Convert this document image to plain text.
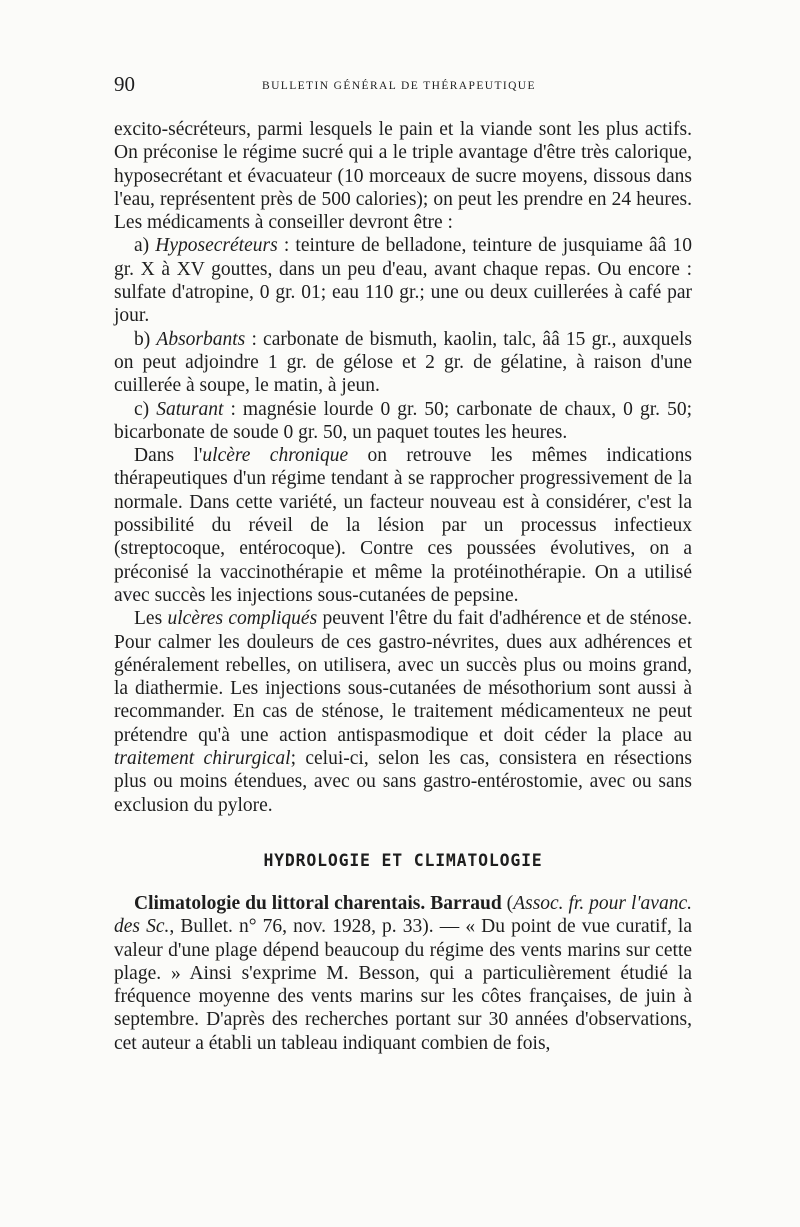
90	BULLETIN GÉNÉRAL DE THÉRAPEUTIQUE

excito-sécréteurs, parmi lesquels le pain et la viande sont les plus actifs. On préconise le régime sucré qui a le triple avantage d'être très calorique, hyposecrétant et évacuateur (10 morceaux de sucre moyens, dissous dans l'eau, représentent près de 500 calories); on peut les prendre en 24 heures. Les médicaments à conseiller devront être :

a) Hyposecréteurs : teinture de belladone, teinture de jusquiame ââ 10 gr. X à XV gouttes, dans un peu d'eau, avant chaque repas. Ou encore : sulfate d'atropine, 0 gr. 01; eau 110 gr.; une ou deux cuillerées à café par jour.

b) Absorbants : carbonate de bismuth, kaolin, talc, ââ 15 gr., auxquels on peut adjoindre 1 gr. de gélose et 2 gr. de gélatine, à raison d'une cuillerée à soupe, le matin, à jeun.

c) Saturant : magnésie lourde 0 gr. 50; carbonate de chaux, 0 gr. 50; bicarbonate de soude 0 gr. 50, un paquet toutes les heures.

Dans l'ulcère chronique on retrouve les mêmes indications thérapeutiques d'un régime tendant à se rapprocher progressivement de la normale. Dans cette variété, un facteur nouveau est à considérer, c'est la possibilité du réveil de la lésion par un processus infectieux (streptocoque, entérocoque). Contre ces poussées évolutives, on a préconisé la vaccinothérapie et même la protéinothérapie. On a utilisé avec succès les injections sous-cutanées de pepsine.

Les ulcères compliqués peuvent l'être du fait d'adhérence et de sténose. Pour calmer les douleurs de ces gastro-névrites, dues aux adhérences et généralement rebelles, on utilisera, avec un succès plus ou moins grand, la diathermie. Les injections sous-cutanées de mésothorium sont aussi à recommander. En cas de sténose, le traitement médicamenteux ne peut prétendre qu'à une action antispasmodique et doit céder la place au traitement chirurgical; celui-ci, selon les cas, consistera en résections plus ou moins étendues, avec ou sans gastro-entérostomie, avec ou sans exclusion du pylore.

HYDROLOGIE ET CLIMATOLOGIE

Climatologie du littoral charentais. Barraud (Assoc. fr. pour l'avanc. des Sc., Bullet. n° 76, nov. 1928, p. 33). — « Du point de vue curatif, la valeur d'une plage dépend beaucoup du régime des vents marins sur cette plage. » Ainsi s'exprime M. Besson, qui a particulièrement étudié la fréquence moyenne des vents marins sur les côtes françaises, de juin à septembre. D'après des recherches portant sur 30 années d'observations, cet auteur a établi un tableau indiquant combien de fois,
